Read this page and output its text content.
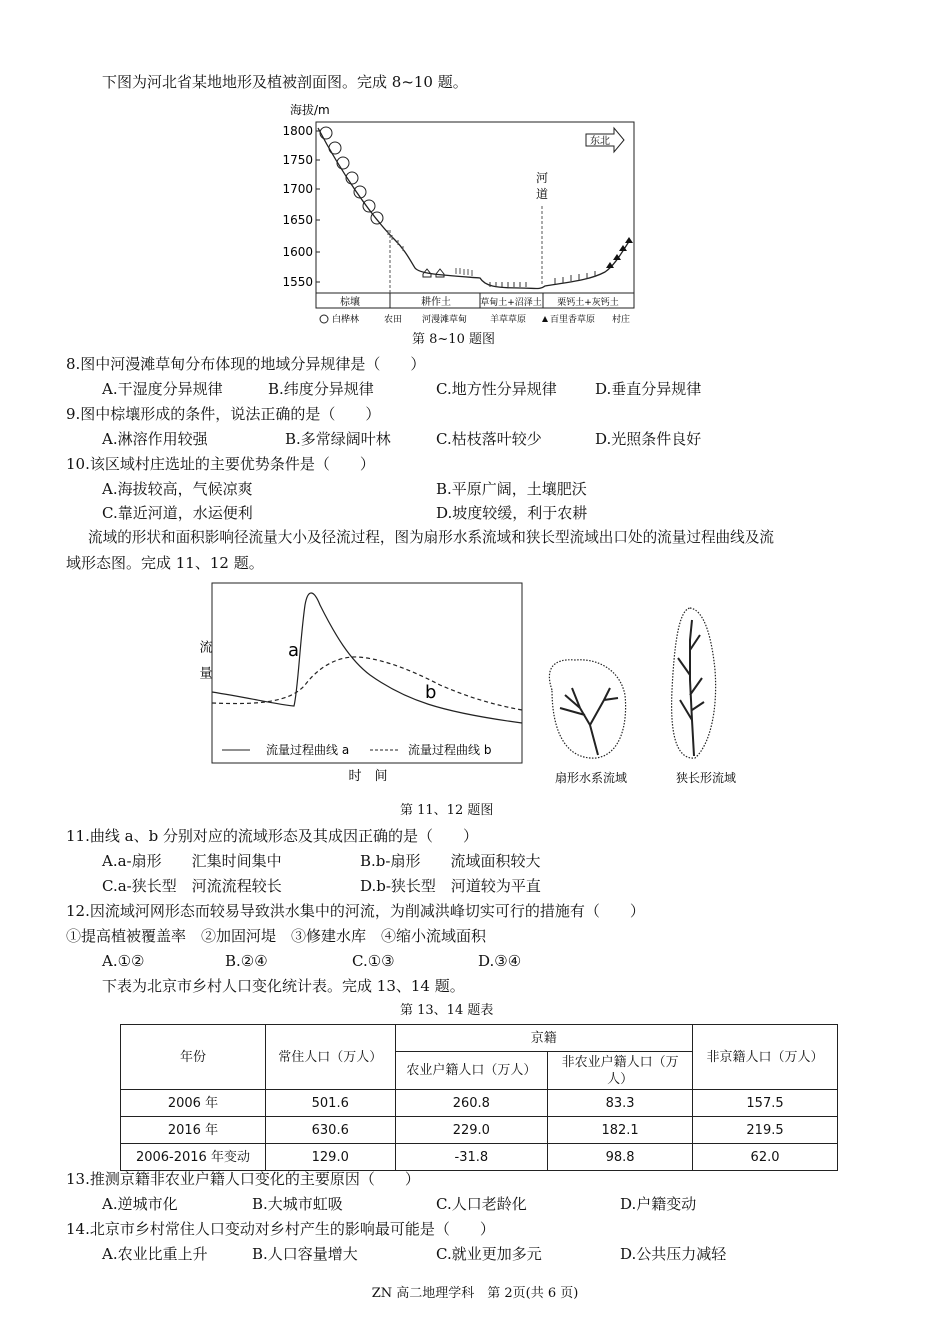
下图为河北省某地地形及植被剖面图。完成 8~10 题。
海拔/m
1800
1750
1700
1650
1600
1550
棕壤	耕作土	草甸土+沼泽土 栗钙土+灰钙土
河
道
河道
东北
白桦林	农田 河漫滩草甸	羊草草原	百里香草原 村庄
第 8~10 题图
8.图中河漫滩草甸分布体现的地域分异规律是（　　）
A.干湿度分异规律	B.纬度分异规律	C.地方性分异规律	D.垂直分异规律
9.图中棕壤形成的条件，说法正确的是（　　）
A.淋溶作用较强	B.多常绿阔叶林	C.枯枝落叶较少	D.光照条件良好
10.该区域村庄选址的主要优势条件是（　　）
A.海拔较高，气候凉爽	B.平原广阔，土壤肥沃
C.靠近河道，水运便利	D.坡度较缓，利于农耕
流域的形状和面积影响径流量大小及径流过程，图为扇形水系流域和狭长型流域出口处的流量过程曲线及流
域形态图。完成 11、12 题。
流　量
时　间
a
b
流量过程曲线 a	流量过程曲线 b
扇形水系流域	狭长形流域
第 11、12 题图
11.曲线 a、b 分别对应的流域形态及其成因正确的是（　　）
A.a-扇形　　汇集时间集中	B.b-扇形　　流域面积较大
C.a-狭长型　河流流程较长	D.b-狭长型　河道较为平直
12.因流域河网形态而较易导致洪水集中的河流，为削减洪峰切实可行的措施有（　　）
①提高植被覆盖率　②加固河堤　③修建水库　④缩小流域面积
A.①②	B.②④	C.①③	D.③④
下表为北京市乡村人口变化统计表。完成 13、14 题。
第 13、14 题表
年份	常住人口（万人）	京籍		非京籍人口（万人）
		农业户籍人口（万人）	非农业户籍人口（万人）	
2006 年	501.6	260.8	83.3	157.5
2016 年	630.6	229.0	182.1	219.5
2006-2016 年变动	129.0	-31.8	98.8	62.0
13.推测京籍非农业户籍人口变化的主要原因（　　）
A.逆城市化	B.大城市虹吸	C.人口老龄化	D.户籍变动
14.北京市乡村常住人口变动对乡村产生的影响最可能是（　　）
A.农业比重上升	B.人口容量增大	C.就业更加多元	D.公共压力减轻
ZN 高二地理学科　第 2页(共 6 页)
